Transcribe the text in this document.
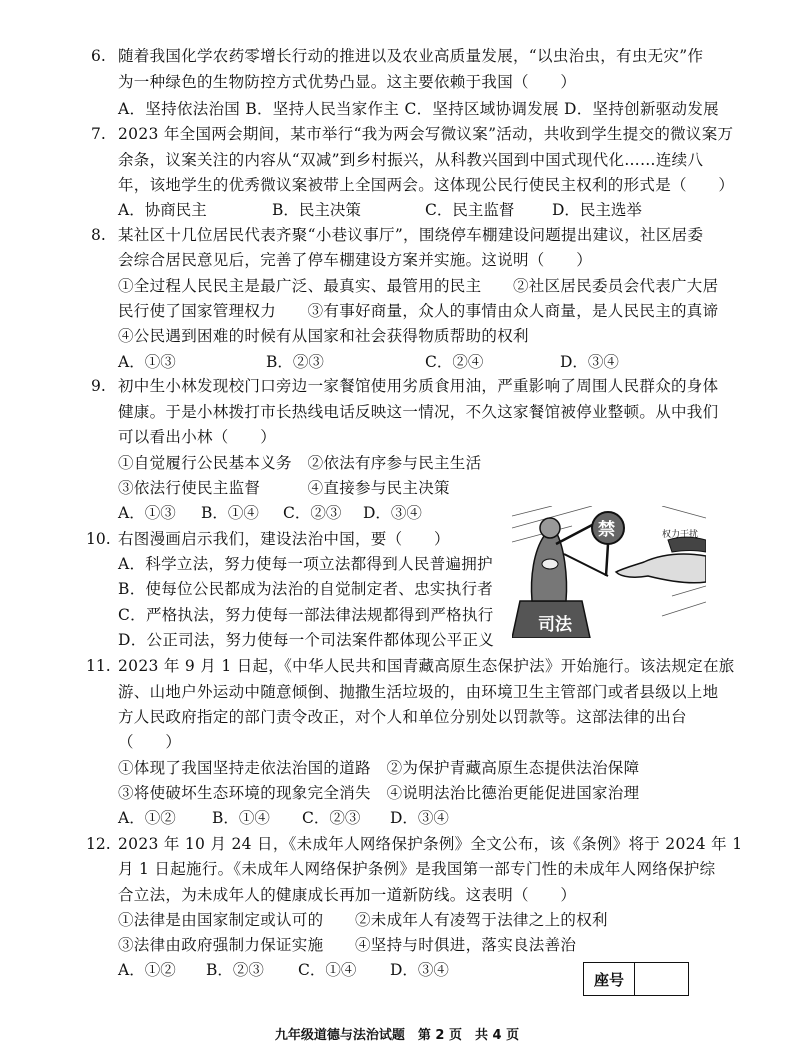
6. 随着我国化学农药零增长行动的推进以及农业高质量发展，“以虫治虫，有虫无灾”作
为一种绿色的生物防控方式优势凸显。这主要依赖于我国（　　）
A．坚持依法治国 B．坚持人民当家作主 C．坚持区域协调发展 D．坚持创新驱动发展
7. 2023 年全国两会期间，某市举行“我为两会写微议案”活动，共收到学生提交的微议案万
余条，议案关注的内容从“双减”到乡村振兴，从科教兴国到中国式现代化……连续八
年，该地学生的优秀微议案被带上全国两会。这体现公民行使民主权利的形式是（　　）
A．协商民主	B．民主决策	C．民主监督 D．民主选举
8. 某社区十几位居民代表齐聚“小巷议事厅”，围绕停车棚建设问题提出建议，社区居委
会综合居民意见后，完善了停车棚建设方案并实施。这说明（　　）
①全过程人民民主是最广泛、最真实、最管用的民主　　②社区居民委员会代表广大居
民行使了国家管理权力　　③有事好商量，众人的事情由众人商量，是人民民主的真谛
④公民遇到困难的时候有从国家和社会获得物质帮助的权利
A．①③	B．②③	C．②④	D．③④
9. 初中生小林发现校门口旁边一家餐馆使用劣质食用油，严重影响了周围人民群众的身体
健康。于是小林拨打市长热线电话反映这一情况，不久这家餐馆被停业整顿。从中我们
可以看出小林（　　）
①自觉履行公民基本义务　②依法有序参与民主生活
③依法行使民主监督　　　④直接参与民主决策
A．①③ B．①④ C．②③ D．③④
10. 右图漫画启示我们，建设法治中国，要（　　）
A．科学立法，努力使每一项立法都得到人民普遍拥护
B．使每位公民都成为法治的自觉制定者、忠实执行者
C．严格执法，努力使每一部法律法规都得到严格执行
D．公正司法，努力使每一个司法案件都体现公平正义
司法
禁	权力干扰
11. 2023 年 9 月 1 日起，《中华人民共和国青藏高原生态保护法》开始施行。该法规定在旅
游、山地户外运动中随意倾倒、抛撒生活垃圾的，由环境卫生主管部门或者县级以上地
方人民政府指定的部门责令改正，对个人和单位分别处以罚款等。这部法律的出台
（　　）
①体现了我国坚持走依法治国的道路　②为保护青藏高原生态提供法治保障
③将使破坏生态环境的现象完全消失　④说明法治比德治更能促进国家治理
A．①② B．①④ C．②③ D．③④
12. 2023 年 10 月 24 日，《未成年人网络保护条例》全文公布，该《条例》将于 2024 年 1
月 1 日起施行。《未成年人网络保护条例》是我国第一部专门性的未成年人网络保护综
合立法，为未成年人的健康成长再加一道新防线。这表明（　　）
①法律是由国家制定或认可的　　②未成年人有凌驾于法律之上的权利
③法律由政府强制力保证实施　　④坚持与时俱进，落实良法善治
A．①② B．②③ C．①④ D．③④
座号
九年级道德与法治试题　第 2 页　共 4 页
